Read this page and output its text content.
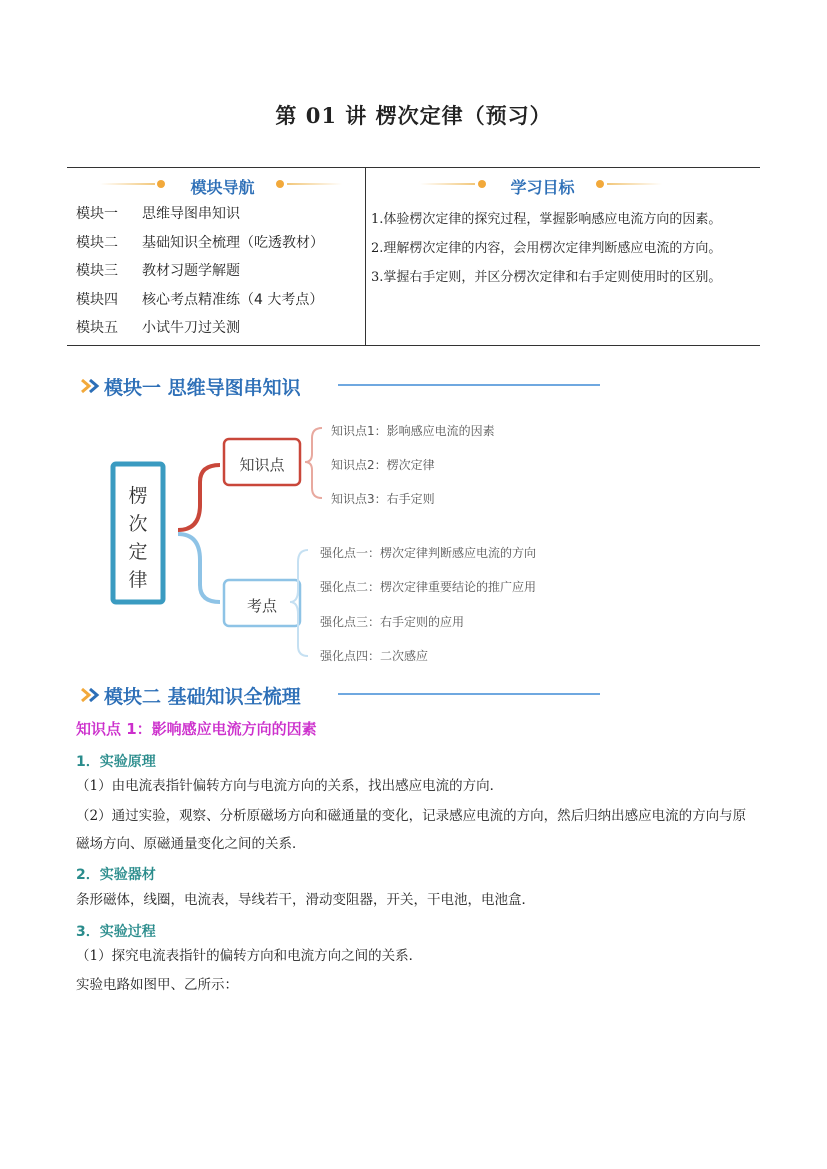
第 01 讲 楞次定律（预习）
模块导航
模块一 思维导图串知识
模块二 基础知识全梳理（吃透教材）
模块三 教材习题学解题
模块四 核心考点精准练（4 大考点）
模块五 小试牛刀过关测
学习目标
1.体验楞次定律的探究过程，掌握影响感应电流方向的因素。
2.理解楞次定律的内容，会用楞次定律判断感应电流的方向。
3.掌握右手定则，并区分楞次定律和右手定则使用时的区别。
模块一 思维导图串知识
楞次定律
知识点
考点
知识点1：影响感应电流的因素
知识点2：楞次定律
知识点3：右手定则
强化点一：楞次定律判断感应电流的方向
强化点二：楞次定律重要结论的推广应用
强化点三：右手定则的应用
强化点四：二次感应
模块二 基础知识全梳理
知识点 1：影响感应电流方向的因素
1．实验原理
（1）由电流表指针偏转方向与电流方向的关系，找出感应电流的方向．
（2）通过实验，观察、分析原磁场方向和磁通量的变化，记录感应电流的方向，然后归纳出感应电流的方向与原磁场方向、原磁通量变化之间的关系．
2．实验器材
条形磁体，线圈，电流表，导线若干，滑动变阻器，开关，干电池，电池盒．
3．实验过程
（1）探究电流表指针的偏转方向和电流方向之间的关系．
实验电路如图甲、乙所示：
